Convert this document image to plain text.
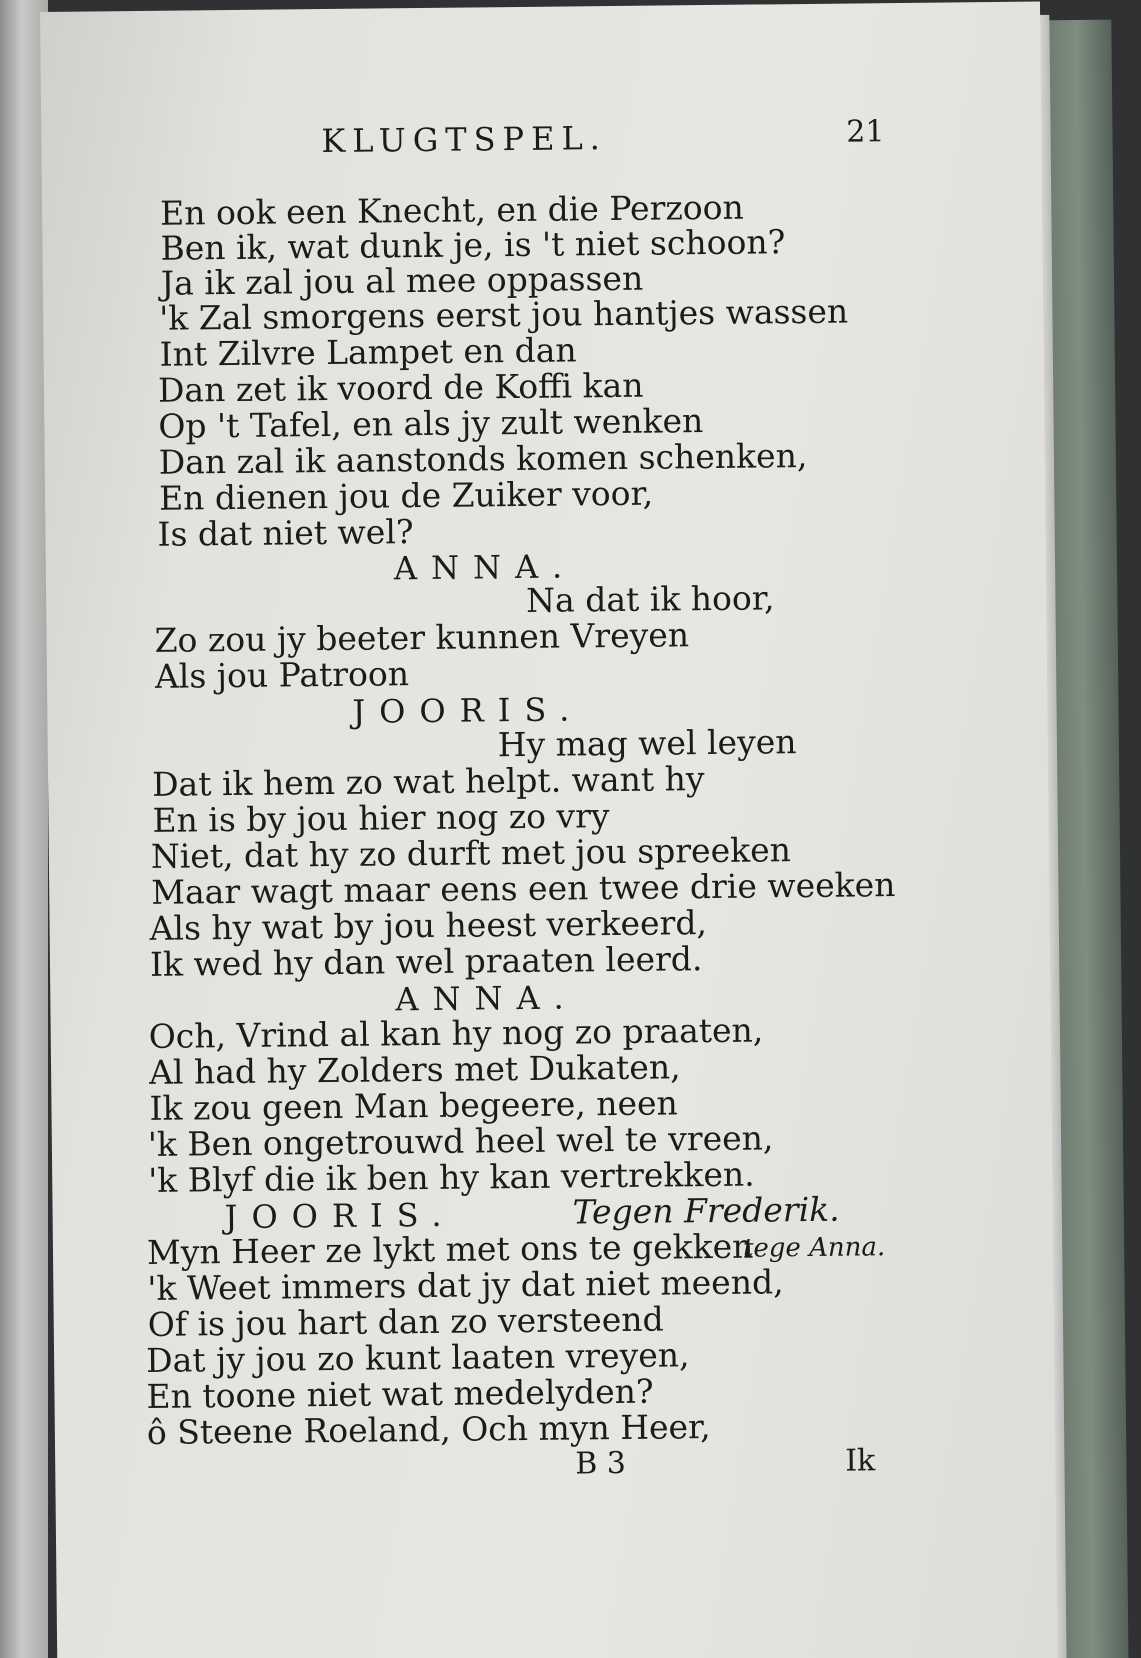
KLUGTSPEL.	21
En ook een Knecht, en die Perzoon
Ben ik, wat dunk je, is 't niet schoon?
Ja ik zal jou al mee oppassen
'k Zal smorgens eerst jou hantjes wassen
Int Zilvre Lampet en dan
Dan zet ik voord de Koffi kan
Op 't Tafel, en als jy zult wenken
Dan zal ik aanstonds komen schenken,
En dienen jou de Zuiker voor,
Is dat niet wel?
ANNA.
Na dat ik hoor,
Zo zou jy beeter kunnen Vreyen
Als jou Patroon
JOORIS.
Hy mag wel leyen
Dat ik hem zo wat helpt. want hy
En is by jou hier nog zo vry
Niet, dat hy zo durft met jou spreeken
Maar wagt maar eens een twee drie weeken
Als hy wat by jou heest verkeerd,
Ik wed hy dan wel praaten leerd.
ANNA.
Och, Vrind al kan hy nog zo praaten,
Al had hy Zolders met Dukaten,
Ik zou geen Man begeere, neen
'k Ben ongetrouwd heel wel te vreen,
'k Blyf die ik ben hy kan vertrekken.
JOORIS.	Tegen Frederik.
Myn Heer ze lykt met ons te gekken
tege Anna.
'k Weet immers dat jy dat niet meend,
Of is jou hart dan zo versteend
Dat jy jou zo kunt laaten vreyen,
En toone niet wat medelyden?
ô Steene Roeland, Och myn Heer,
B 3	Ik
